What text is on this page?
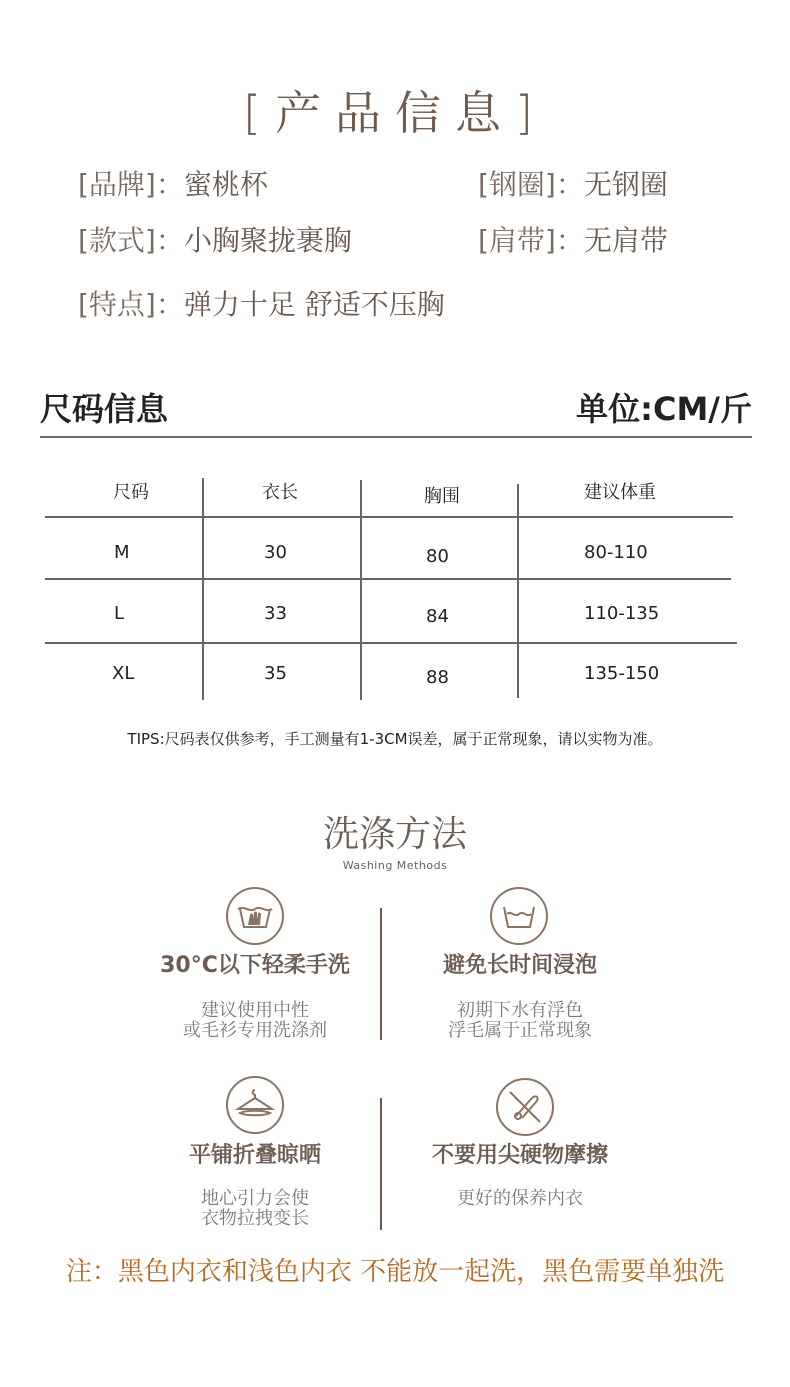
[产品信息]
[品牌]：蜜桃杯	[钢圈]：无钢圈
[款式]：小胸聚拢裹胸	[肩带]：无肩带
[特点]：弹力十足 舒适不压胸
尺码信息	单位:CM/斤
尺码	衣长	胸围	建议体重
M	30	80	80-110
L	33	84	110-135
XL	35	88	135-150
TIPS:尺码表仅供参考，手工测量有1-3CM误差，属于正常现象，请以实物为准。
洗涤方法
Washing Methods
30°C以下轻柔手洗
建议使用中性
或毛衫专用洗涤剂
避免长时间浸泡
初期下水有浮色
浮毛属于正常现象
平铺折叠晾晒
地心引力会使
衣物拉拽变长
不要用尖硬物摩擦
更好的保养内衣
注：黑色内衣和浅色内衣 不能放一起洗，黑色需要单独洗
